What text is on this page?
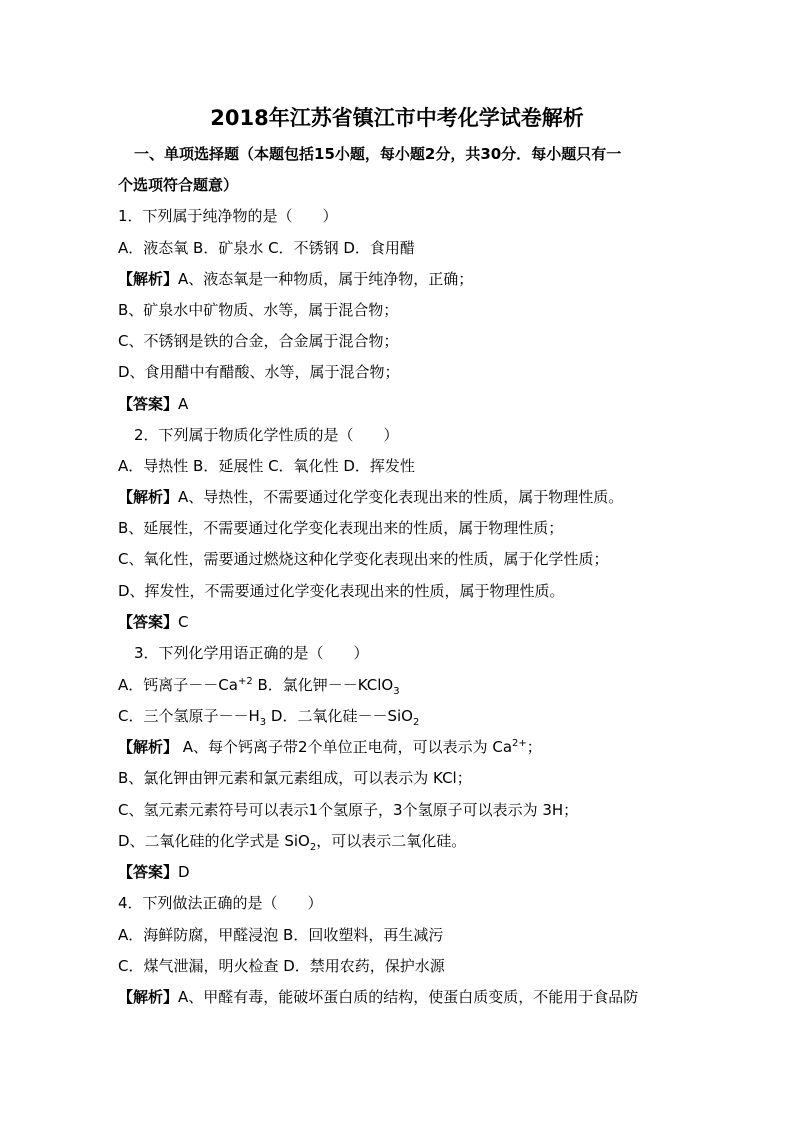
2018年江苏省镇江市中考化学试卷解析
一、单项选择题（本题包括15小题，每小题2分，共30分．每小题只有一
个选项符合题意）
1．下列属于纯净物的是（　　）
A．液态氧 B．矿泉水 C．不锈钢 D．食用醋
【解析】A、液态氧是一种物质，属于纯净物，正确；
B、矿泉水中矿物质、水等，属于混合物；
C、不锈钢是铁的合金，合金属于混合物；
D、食用醋中有醋酸、水等，属于混合物；
【答案】A
2．下列属于物质化学性质的是（　　）
A．导热性 B．延展性 C．氧化性 D．挥发性
【解析】A、导热性，不需要通过化学变化表现出来的性质，属于物理性质。
B、延展性，不需要通过化学变化表现出来的性质，属于物理性质；
C、氧化性，需要通过燃烧这种化学变化表现出来的性质，属于化学性质；
D、挥发性，不需要通过化学变化表现出来的性质，属于物理性质。
【答案】C
3．下列化学用语正确的是（　　）
A．钙离子$--Ca^{+2}$ B．氯化钾－－KClO$_3$
C．三个氢原子$--H_3$ D．二氧化硅－－SiO$_2$
【解析】 A、每个钙离子带2个单位正电荷，可以表示为 $Ca^{2+}$；
B、氯化钾由钾元素和氯元素组成，可以表示为 KCl；
C、氢元素元素符号可以表示1个氢原子，3个氢原子可以表示为 3H；
D、二氧化硅的化学式是 SiO$_2$，可以表示二氧化硅。
【答案】D
4．下列做法正确的是（　　）
A．海鲜防腐，甲醛浸泡 B．回收塑料，再生减污
C．煤气泄漏，明火检查 D．禁用农药，保护水源
【解析】A、甲醛有毒，能破坏蛋白质的结构，使蛋白质变质，不能用于食品防
